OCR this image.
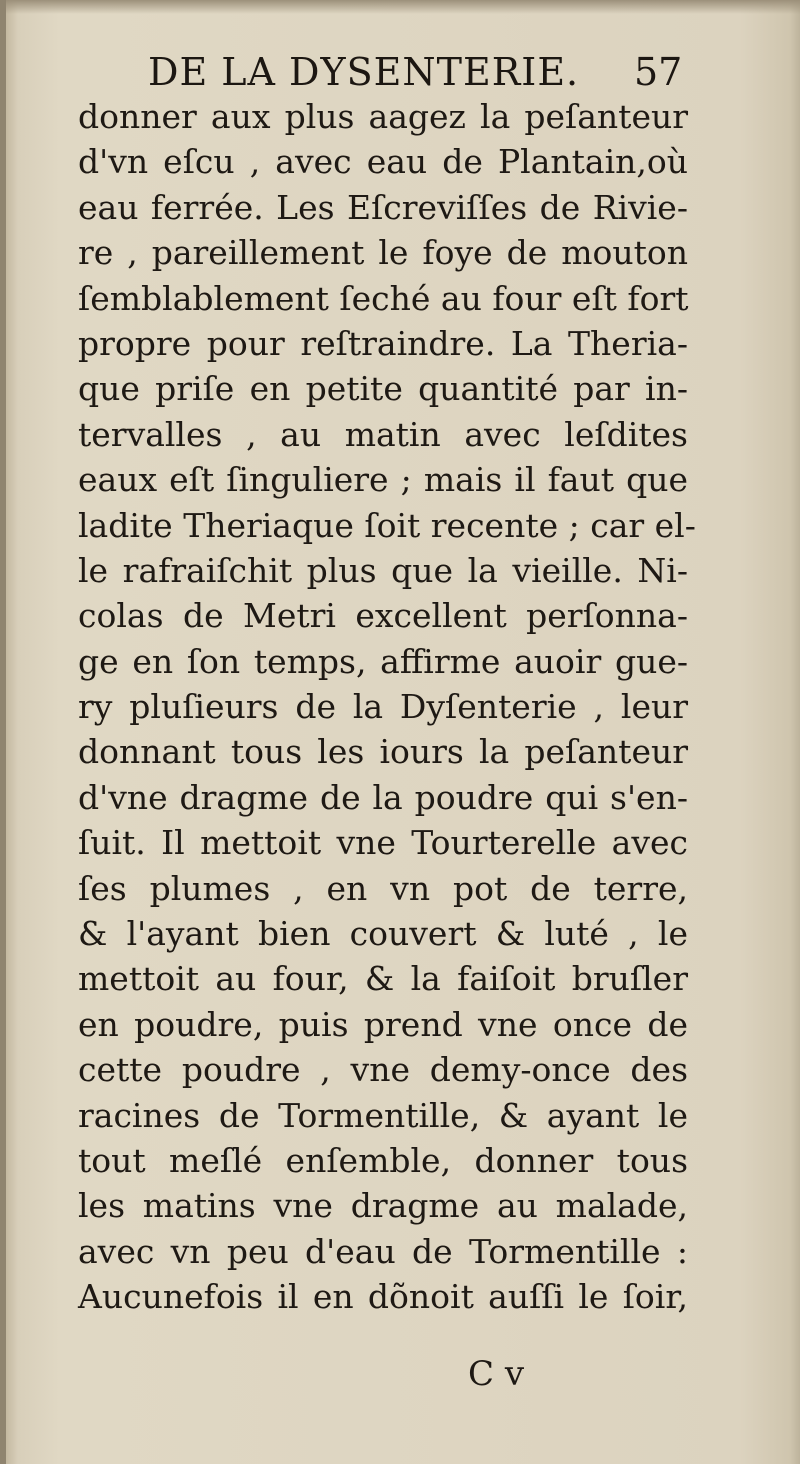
DE LA DYSENTERIE. 57
donner aux plus aagez la peſanteur
d'vn eſcu , avec eau de Plantain,où
eau ferrée. Les Eſcreviſſes de Rivie-
re , pareillement le foye de mouton
ſemblablement ſeché au four eſt fort
propre pour reſtraindre. La Theria-
que priſe en petite quantité par in-
tervalles , au matin avec leſdites
eaux eſt ſinguliere ; mais il faut que
ladite Theriaque ſoit recente ; car el-
le rafraiſchit plus que la vieille. Ni-
colas de Metri excellent perſonna-
ge en ſon temps, affirme auoir gue-
ry pluſieurs de la Dyſenterie , leur
donnant tous les iours la peſanteur
d'vne dragme de la poudre qui s'en-
ſuit. Il mettoit vne Tourterelle avec
ſes plumes , en vn pot de terre,
& l'ayant bien couvert & luté , le
mettoit au four, & la faiſoit bruſler
en poudre, puis prend vne once de
cette poudre , vne demy-once des
racines de Tormentille, & ayant le
tout meſlé enſemble, donner tous
les matins vne dragme au malade,
avec vn peu d'eau de Tormentille :
Aucunefois il en dõnoit auſſi le ſoir,
C v
